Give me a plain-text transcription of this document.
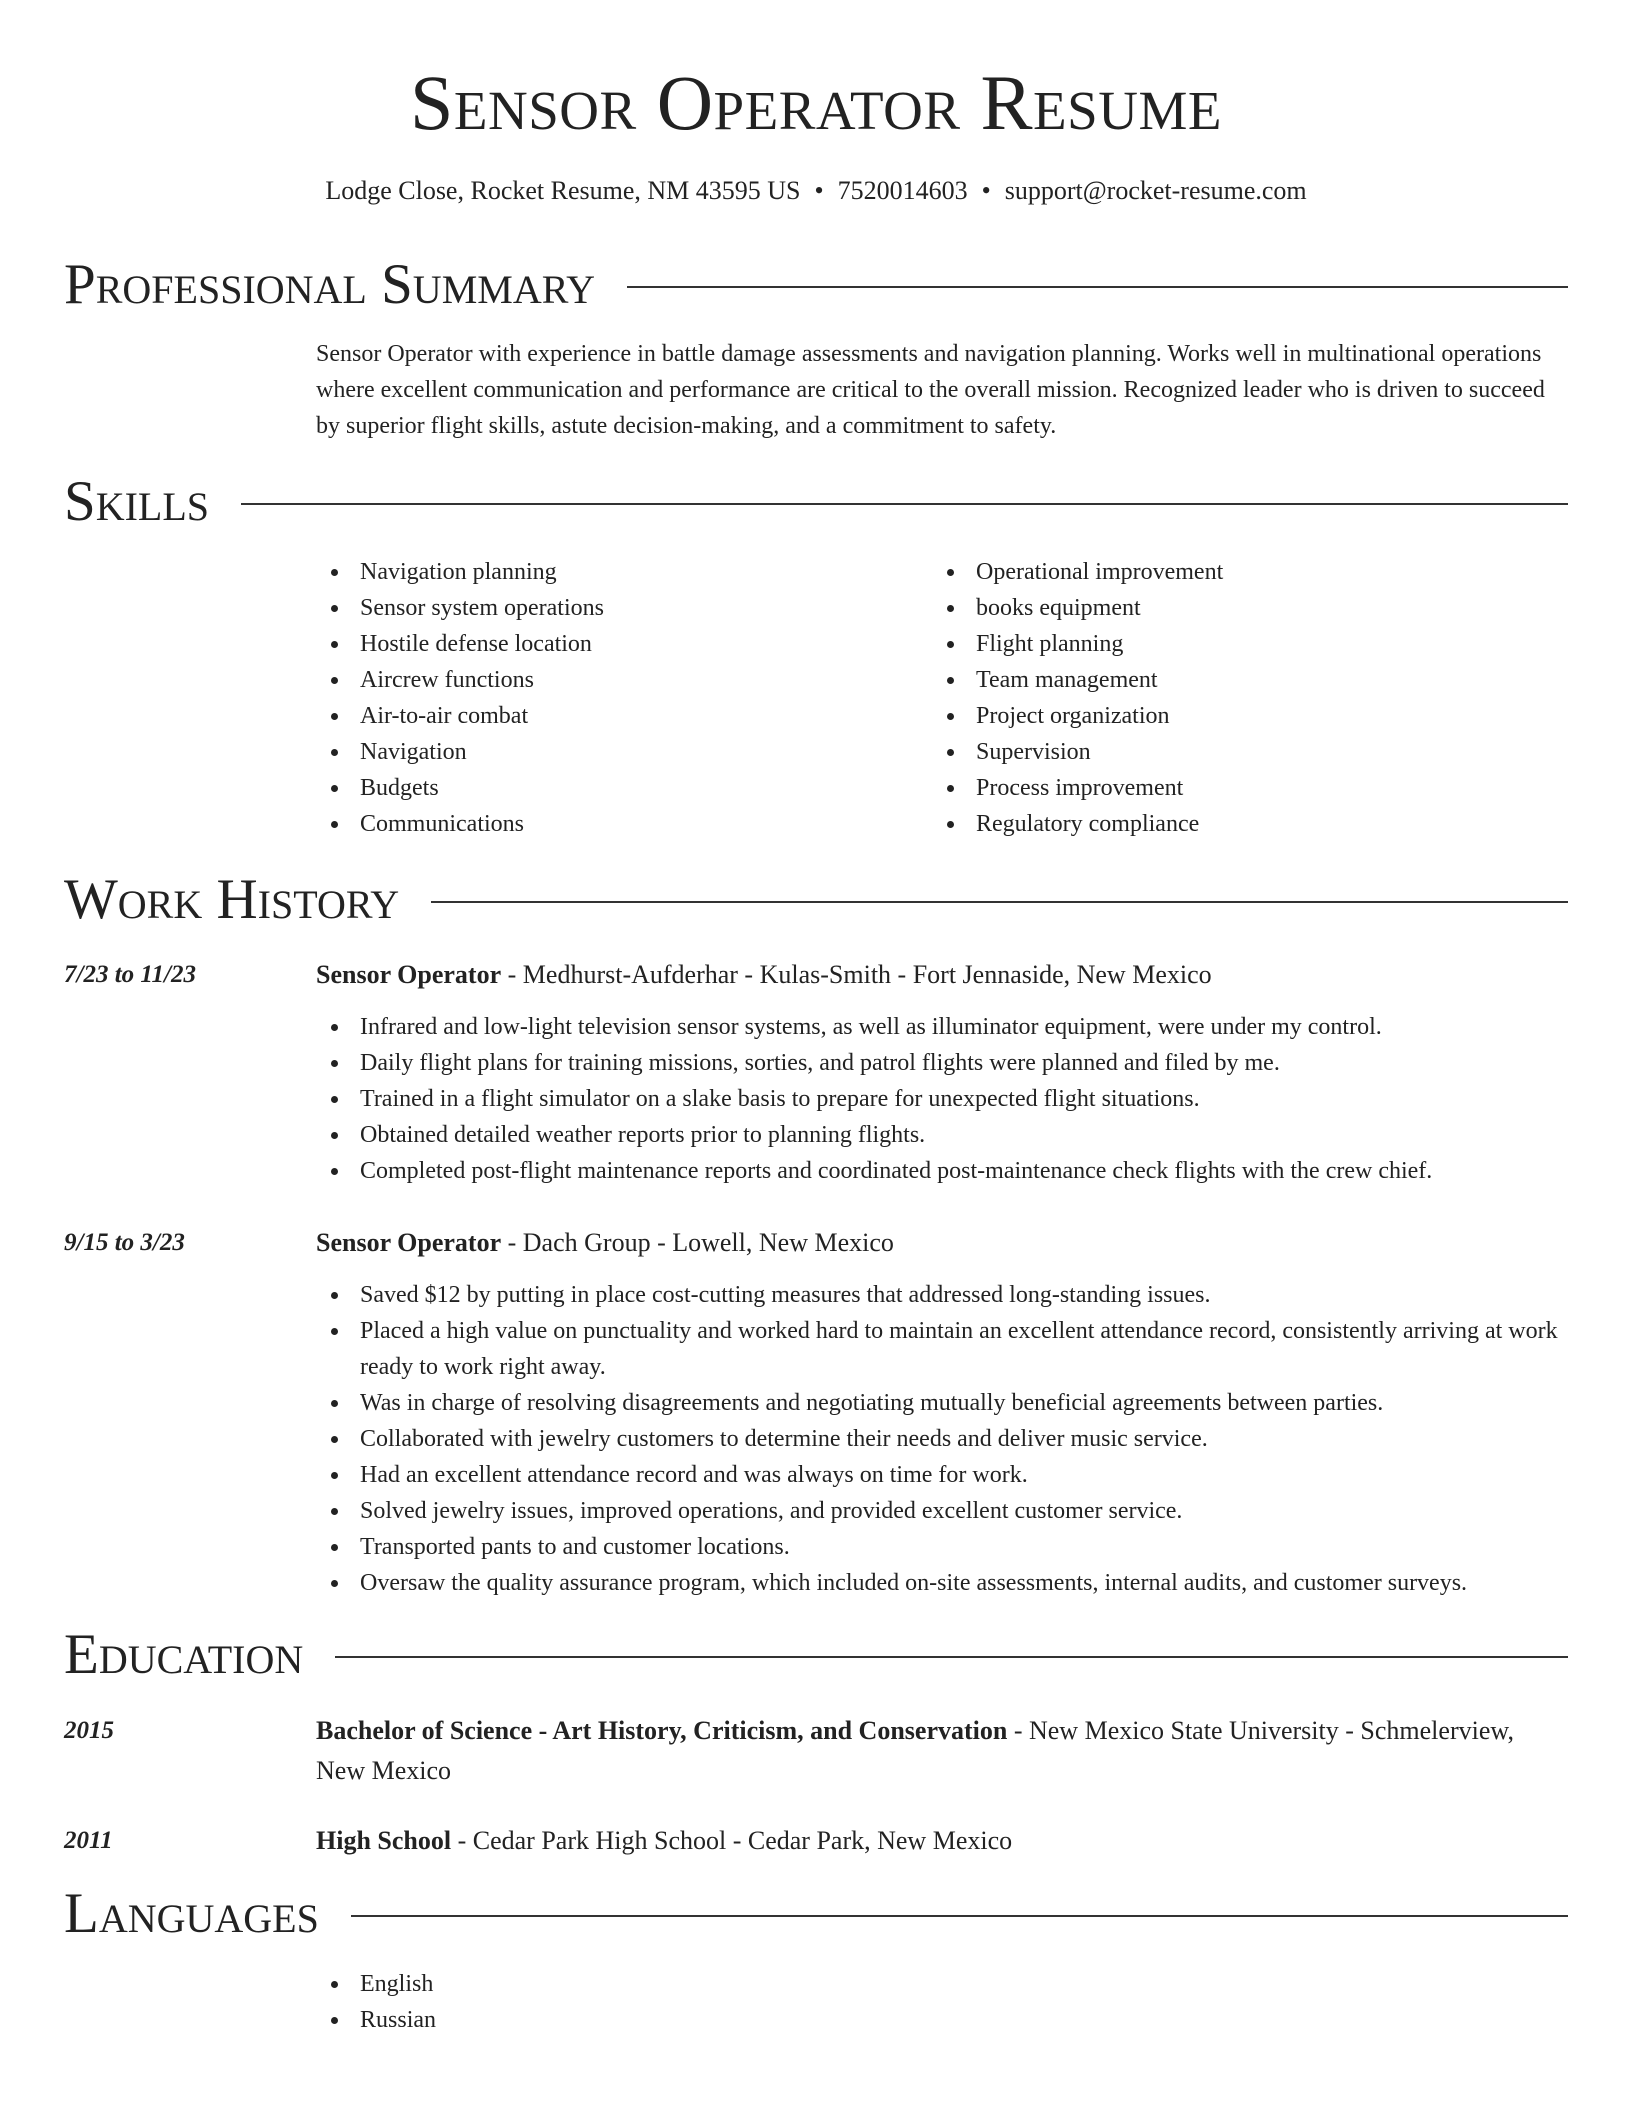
Sensor Operator Resume
Lodge Close, Rocket Resume, NM 43595 US • 7520014603 • support@rocket-resume.com
Professional Summary
Sensor Operator with experience in battle damage assessments and navigation planning. Works well in multinational operations where excellent communication and performance are critical to the overall mission. Recognized leader who is driven to succeed by superior flight skills, astute decision-making, and a commitment to safety.
Skills
Navigation planning
Sensor system operations
Hostile defense location
Aircrew functions
Air-to-air combat
Navigation
Budgets
Communications
Operational improvement
books equipment
Flight planning
Team management
Project organization
Supervision
Process improvement
Regulatory compliance
Work History
7/23 to 11/23	Sensor Operator - Medhurst-Aufderhar - Kulas-Smith - Fort Jennaside, New Mexico
Infrared and low-light television sensor systems, as well as illuminator equipment, were under my control.
Daily flight plans for training missions, sorties, and patrol flights were planned and filed by me.
Trained in a flight simulator on a slake basis to prepare for unexpected flight situations.
Obtained detailed weather reports prior to planning flights.
Completed post-flight maintenance reports and coordinated post-maintenance check flights with the crew chief.
9/15 to 3/23	Sensor Operator - Dach Group - Lowell, New Mexico
Saved $12 by putting in place cost-cutting measures that addressed long-standing issues.
Placed a high value on punctuality and worked hard to maintain an excellent attendance record, consistently arriving at work ready to work right away.
Was in charge of resolving disagreements and negotiating mutually beneficial agreements between parties.
Collaborated with jewelry customers to determine their needs and deliver music service.
Had an excellent attendance record and was always on time for work.
Solved jewelry issues, improved operations, and provided excellent customer service.
Transported pants to and customer locations.
Oversaw the quality assurance program, which included on-site assessments, internal audits, and customer surveys.
Education
2015	Bachelor of Science - Art History, Criticism, and Conservation - New Mexico State University - Schmelerview, New Mexico
2011	High School - Cedar Park High School - Cedar Park, New Mexico
Languages
English
Russian
